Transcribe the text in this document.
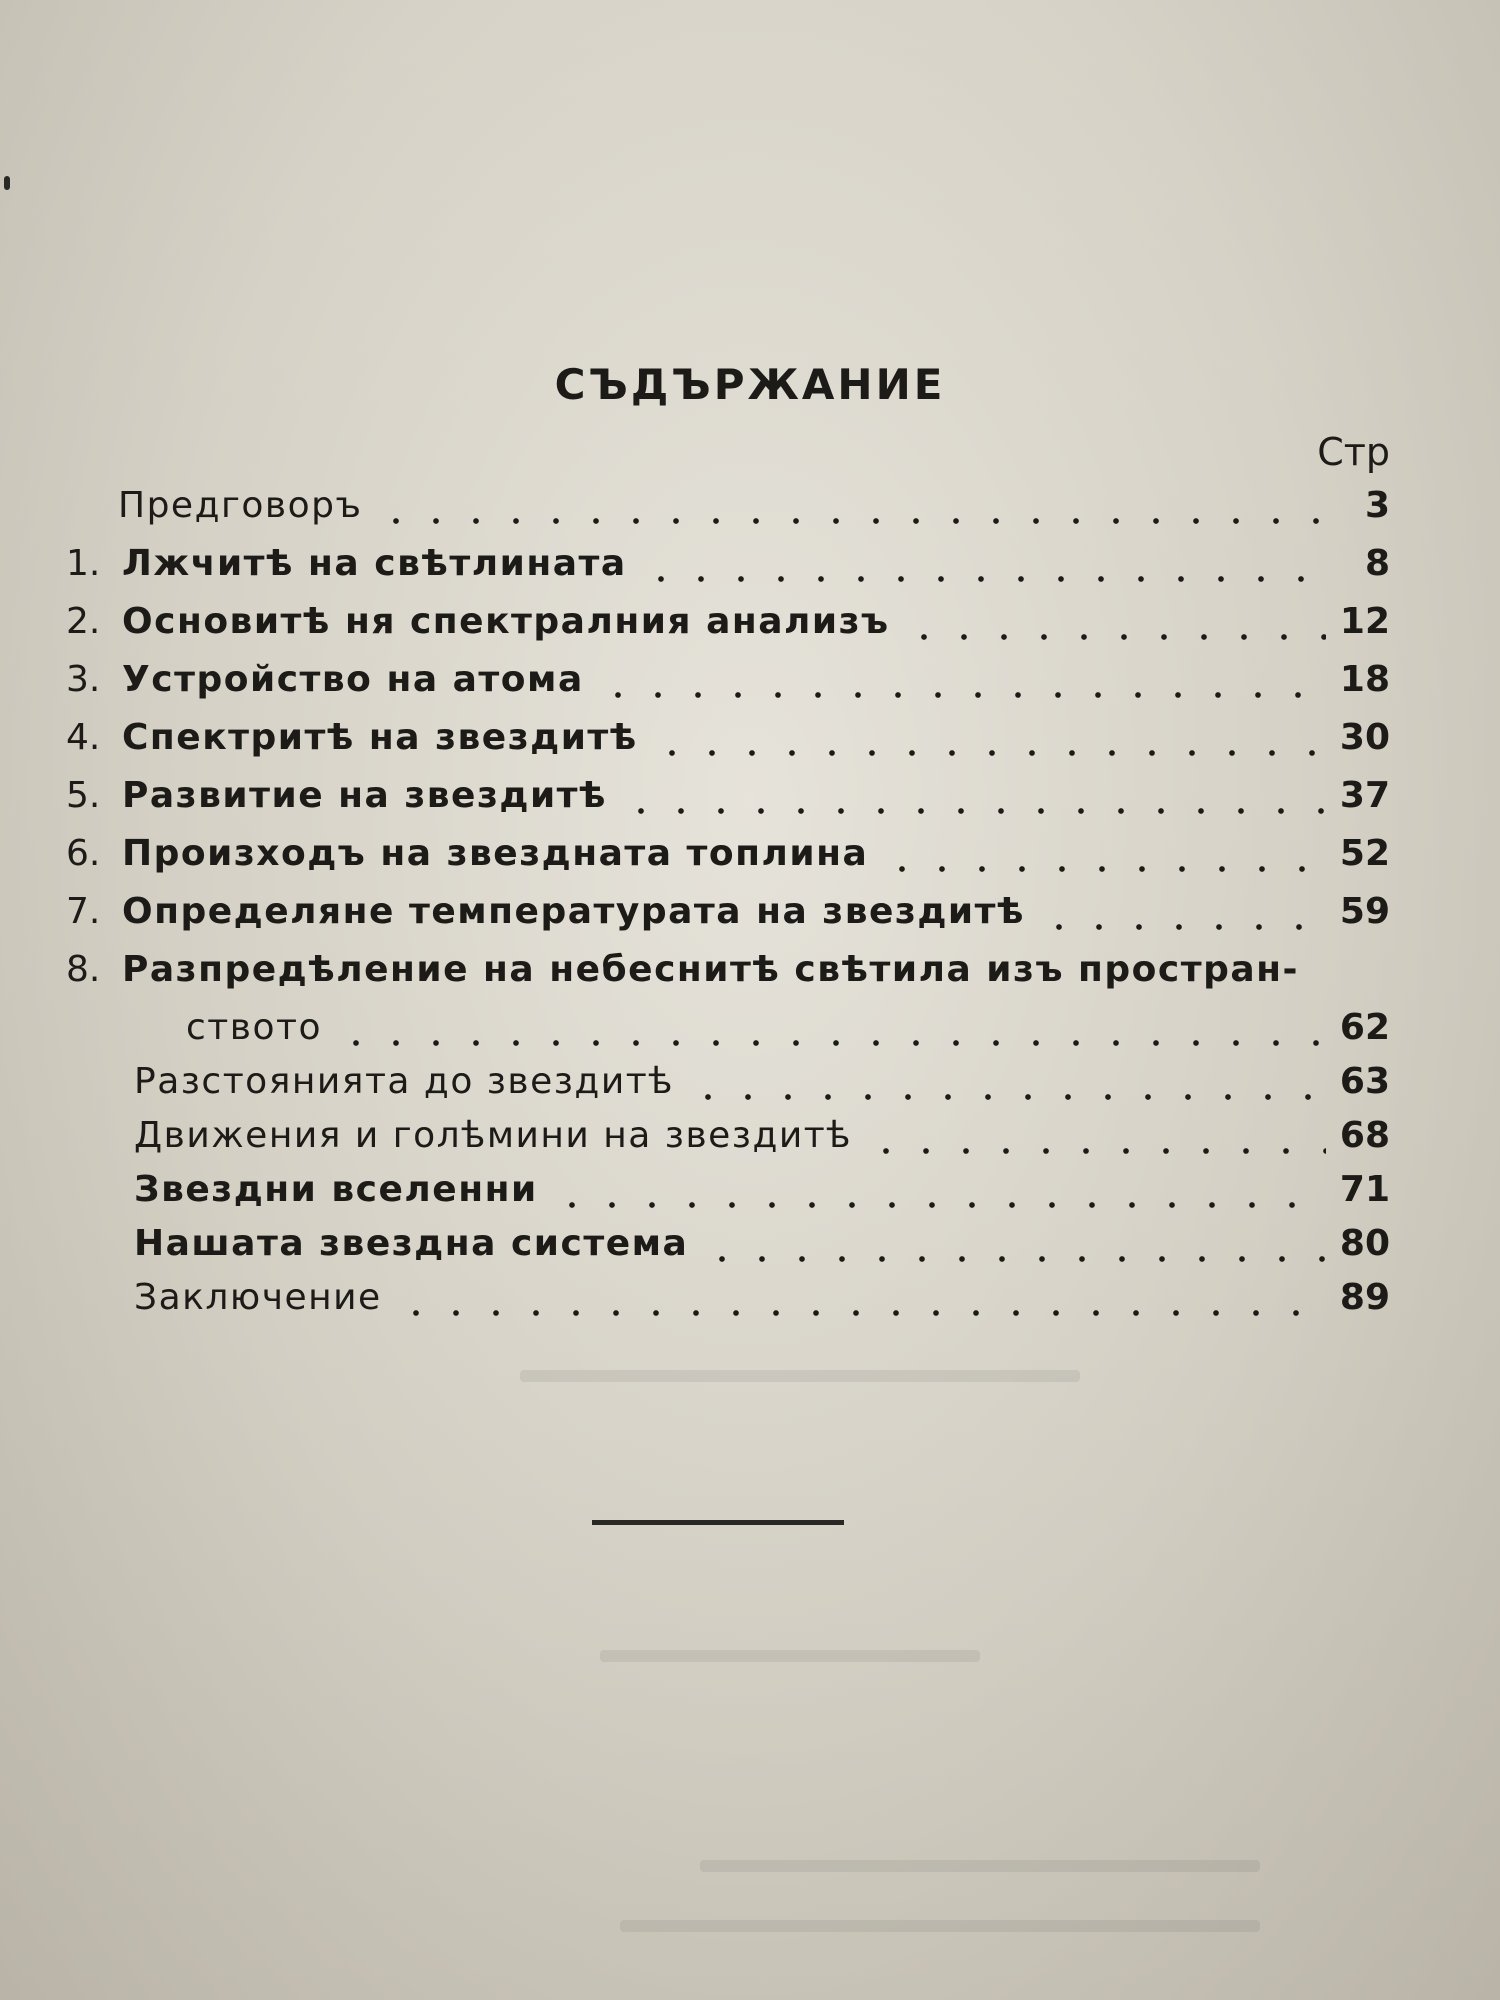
СЪДЪРЖАНИЕ
Стр
Предговоръ	3
1. Лжчитѣ на свѣтлината	8
2. Основитѣ ня спектралния анализъ	12
3. Устройство на атома	18
4. Спектритѣ на звездитѣ	30
5. Развитие на звездитѣ	37
6. Произходъ на звездната топлина	52
7. Определяне температурата на звездитѣ	59
8. Разпредѣление на небеснитѣ свѣтила изъ простран-
ството	62
Разстоянията до звездитѣ	63
Движения и голѣмини на звездитѣ	68
Звездни вселенни	71
Нашата звездна система	80
Заключение	89
